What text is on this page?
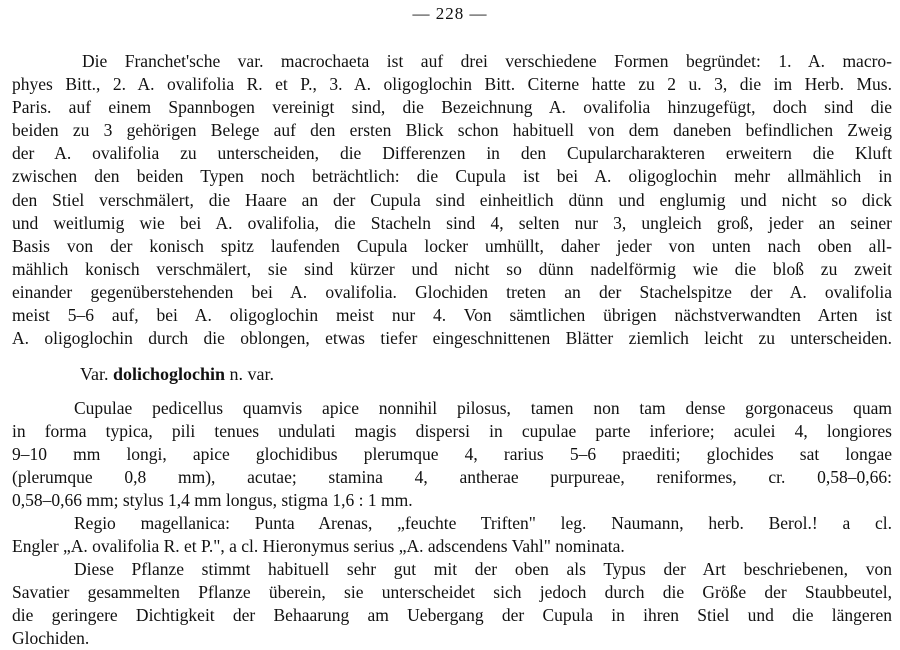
— 228 —
Die Franchet'sche var. macrochaeta ist auf drei verschiedene Formen begründet: 1. A. macro-
phyes Bitt., 2. A. ovalifolia R. et P., 3. A. oligoglochin Bitt. Citerne hatte zu 2 u. 3, die im Herb. Mus.
Paris. auf einem Spannbogen vereinigt sind, die Bezeichnung A. ovalifolia hinzugefügt, doch sind die
beiden zu 3 gehörigen Belege auf den ersten Blick schon habituell von dem daneben befindlichen Zweig
der A. ovalifolia zu unterscheiden, die Differenzen in den Cupularcharakteren erweitern die Kluft
zwischen den beiden Typen noch beträchtlich: die Cupula ist bei A. oligoglochin mehr allmählich in
den Stiel verschmälert, die Haare an der Cupula sind einheitlich dünn und englumig und nicht so dick
und weitlumig wie bei A. ovalifolia, die Stacheln sind 4, selten nur 3, ungleich groß, jeder an seiner
Basis von der konisch spitz laufenden Cupula locker umhüllt, daher jeder von unten nach oben all-
mählich konisch verschmälert, sie sind kürzer und nicht so dünn nadelförmig wie die bloß zu zweit
einander gegenüberstehenden bei A. ovalifolia. Glochiden treten an der Stachelspitze der A. ovalifolia
meist 5–6 auf, bei A. oligoglochin meist nur 4. Von sämtlichen übrigen nächstverwandten Arten ist
A. oligoglochin durch die oblongen, etwas tiefer eingeschnittenen Blätter ziemlich leicht zu unterscheiden.
Var. dolichoglochin n. var.
Cupulae pedicellus quamvis apice nonnihil pilosus, tamen non tam dense gorgonaceus quam
in forma typica, pili tenues undulati magis dispersi in cupulae parte inferiore; aculei 4, longiores
9–10 mm longi, apice glochidibus plerumque 4, rarius 5–6 praediti; glochides sat longae
(plerumque 0,8 mm), acutae; stamina 4, antherae purpureae, reniformes, cr. 0,58–0,66:
0,58–0,66 mm; stylus 1,4 mm longus, stigma 1,6 : 1 mm.
Regio magellanica: Punta Arenas, „feuchte Triften" leg. Naumann, herb. Berol.! a cl.
Engler „A. ovalifolia R. et P.", a cl. Hieronymus serius „A. adscendens Vahl" nominata.
Diese Pflanze stimmt habituell sehr gut mit der oben als Typus der Art beschriebenen, von
Savatier gesammelten Pflanze überein, sie unterscheidet sich jedoch durch die Größe der Staubbeutel,
die geringere Dichtigkeit der Behaarung am Uebergang der Cupula in ihren Stiel und die längeren
Glochiden.
